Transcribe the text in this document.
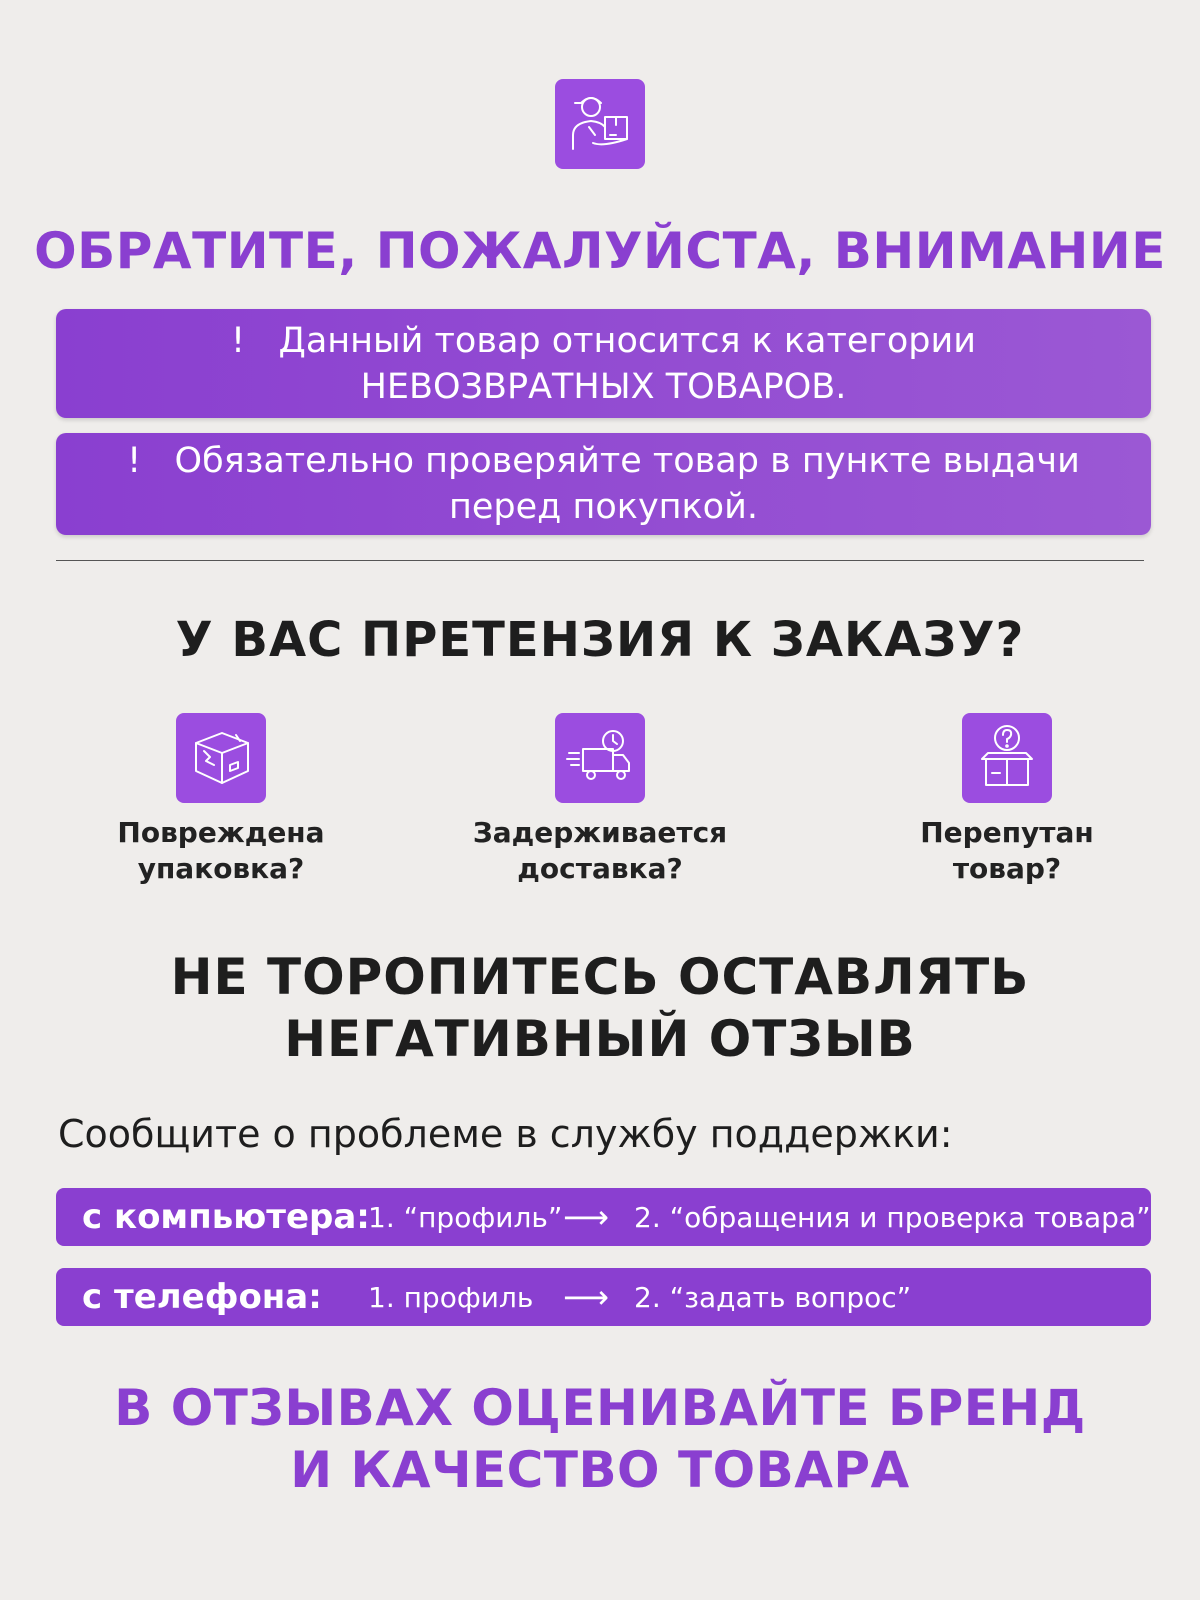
ОБРАТИТЕ, ПОЖАЛУЙСТА, ВНИМАНИЕ
! Данный товар относится к категории
НЕВОЗВРАТНЫХ ТОВАРОВ.
! Обязательно проверяйте товар в пункте выдачи
перед покупкой.
У ВАС ПРЕТЕНЗИЯ К ЗАКАЗУ?
Повреждена
упаковка?
Задерживается
доставка?
Перепутан
товар?
НЕ ТОРОПИТЕСЬ ОСТАВЛЯТЬ
НЕГАТИВНЫЙ ОТЗЫВ
Сообщите о проблеме в службу поддержки:
с компьютера:
1. “профиль” ⟶ 2. “обращения и проверка товара”
с телефона: 1. профиль ⟶ 2. “задать вопрос”
В ОТЗЫВАХ ОЦЕНИВАЙТЕ БРЕНД
И КАЧЕСТВО ТОВАРА
